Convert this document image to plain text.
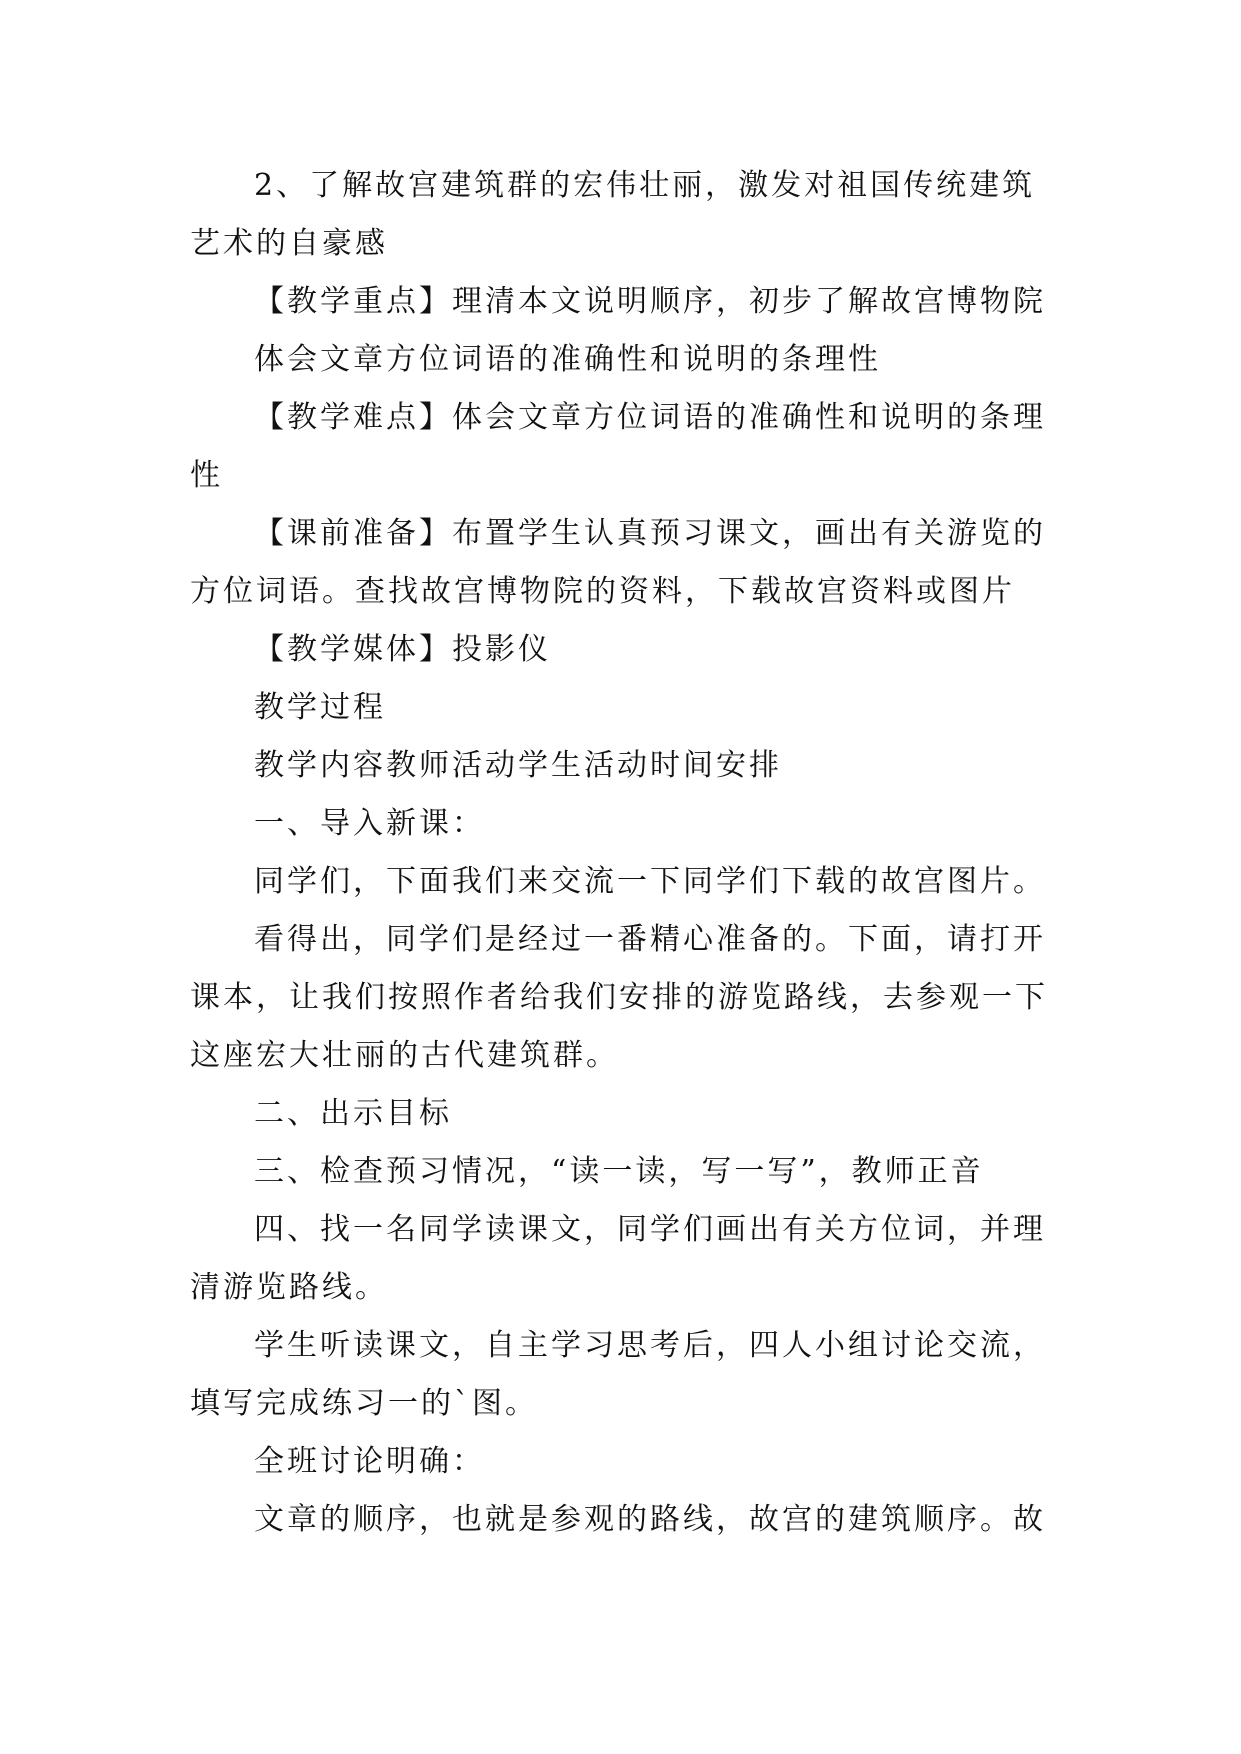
2、了解故宫建筑群的宏伟壮丽，激发对祖国传统建筑艺术的自豪感

【教学重点】理清本文说明顺序，初步了解故宫博物院

体会文章方位词语的准确性和说明的条理性

【教学难点】体会文章方位词语的准确性和说明的条理性

【课前准备】布置学生认真预习课文，画出有关游览的方位词语。查找故宫博物院的资料，下载故宫资料或图片

【教学媒体】投影仪

教学过程

教学内容教师活动学生活动时间安排

一、导入新课：

同学们，下面我们来交流一下同学们下载的故宫图片。

看得出，同学们是经过一番精心准备的。下面，请打开课本，让我们按照作者给我们安排的游览路线，去参观一下这座宏大壮丽的古代建筑群。

二、出示目标

三、检查预习情况，“读一读，写一写”，教师正音

四、找一名同学读课文，同学们画出有关方位词，并理清游览路线。

学生听读课文，自主学习思考后，四人小组讨论交流，填写完成练习一的`图。

全班讨论明确：

文章的顺序，也就是参观的路线，故宫的建筑顺序。故
